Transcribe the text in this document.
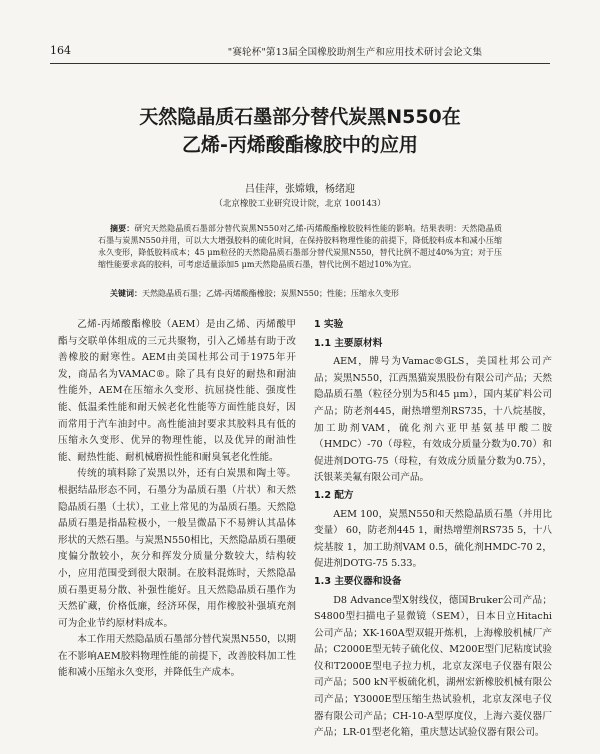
164	"赛轮杯"第13届全国橡胶助剂生产和应用技术研讨会论文集
天然隐晶质石墨部分替代炭黑N550在
乙烯-丙烯酸酯橡胶中的应用
吕佳萍，张嫦娥，杨绪迎
（北京橡胶工业研究设计院，北京 100143）
摘要：研究天然隐晶质石墨部分替代炭黑N550对乙烯-丙烯酸酯橡胶胶料性能的影响。结果表明：天然隐晶质石墨与炭黑N550并用，可以大大增强胶料的硫化时间，在保持胶料物理性能的前提下，降低胶料成本和减小压缩永久变形，降低胶料成本；45 μm粒径的天然隐晶质石墨部分替代炭黑N550，替代比例不超过40%为宜；对于压缩性能要求高的胶料，可考虑适量添加5 μm天然隐晶质石墨，替代比例不超过10%为宜。
关键词：天然隐晶质石墨；乙烯-丙烯酸酯橡胶；炭黑N550；性能；压缩永久变形

乙烯-丙烯酸酯橡胶（AEM）是由乙烯、丙烯酸甲酯与交联单体组成的三元共聚物，引入乙烯基有助于改善橡胶的耐寒性。AEM由美国杜邦公司于1975年开发，商品名为VAMAC®。除了具有良好的耐热和耐油性能外，AEM在压缩永久变形、抗屈挠性能、强度性能、低温柔性能和耐天候老化性能等方面性能良好，因而常用于汽车油封中。高性能油封要求其胶料具有低的压缩永久变形、优异的物理性能，以及优异的耐油性能、耐热性能、耐机械磨损性能和耐臭氧老化性能。

传统的填料除了炭黑以外，还有白炭黑和陶土等。根据结晶形态不同，石墨分为晶质石墨（片状）和天然隐晶质石墨（土状），工业上常见的为晶质石墨。天然隐晶质石墨是指晶粒极小，一般呈微晶下不易辨认其晶体形状的天然石墨。与炭黑N550相比，天然隐晶质石墨硬度偏分散较小，灰分和挥发分质量分数较大，结构较小，应用范围受到很大限制。在胶料混炼时，天然隐晶质石墨更易分散、补强性能好。且天然隐晶质石墨作为天然矿藏，价格低廉，经济环保，用作橡胶补强填充剂可为企业节约原材料成本。

本工作用天然隐晶质石墨部分替代炭黑N550，以期在不影响AEM胶料物理性能的前提下，改善胶料加工性能和减小压缩永久变形，并降低生产成本。

1 实验
1.1 主要原材料

AEM，牌号为Vamac®GLS，美国杜邦公司产品；炭黑N550，江西黑猫炭黑股份有限公司产品；天然隐晶质石墨（粒径分别为5和45 μm），国内某矿料公司产品；防老剂445，耐热增塑剂RS735，十八烷基胺，加工助剂VAM，硫化剂六亚甲基氨基甲酸二胺（HMDC）-70（母粒，有效成分质量分数为0.70）和促进剂DOTG-75（母粒，有效成分质量分数为0.75），沃银莱美氟有限公司产品。

1.2 配方

AEM 100，炭黑N550和天然隐晶质石墨（并用比变量） 60，防老剂445 1，耐热增塑剂RS735 5，十八烷基胺 1，加工助剂VAM 0.5，硫化剂HMDC-70 2，促进剂DOTG-75 5.33。

1.3 主要仪器和设备

D8 Advance型X射线仪，德国Bruker公司产品；S4800型扫描电子显微镜（SEM），日本日立Hitachi公司产品；XK-160A型双辊开炼机，上海橡胶机械厂产品；C2000E型无转子硫化仪、M200E型门尼粘度试验仪和T2000E型电子拉力机，北京友深电子仪器有限公司产品；500 kN平板硫化机，湖州宏新橡胶机械有限公司产品；Y3000E型压缩生热试验机，北京友深电子仪器有限公司产品；CH-10-A型厚度仪，上海六菱仪器厂产品；LR-01型老化箱，重庆慧达试验仪器有限公司。
